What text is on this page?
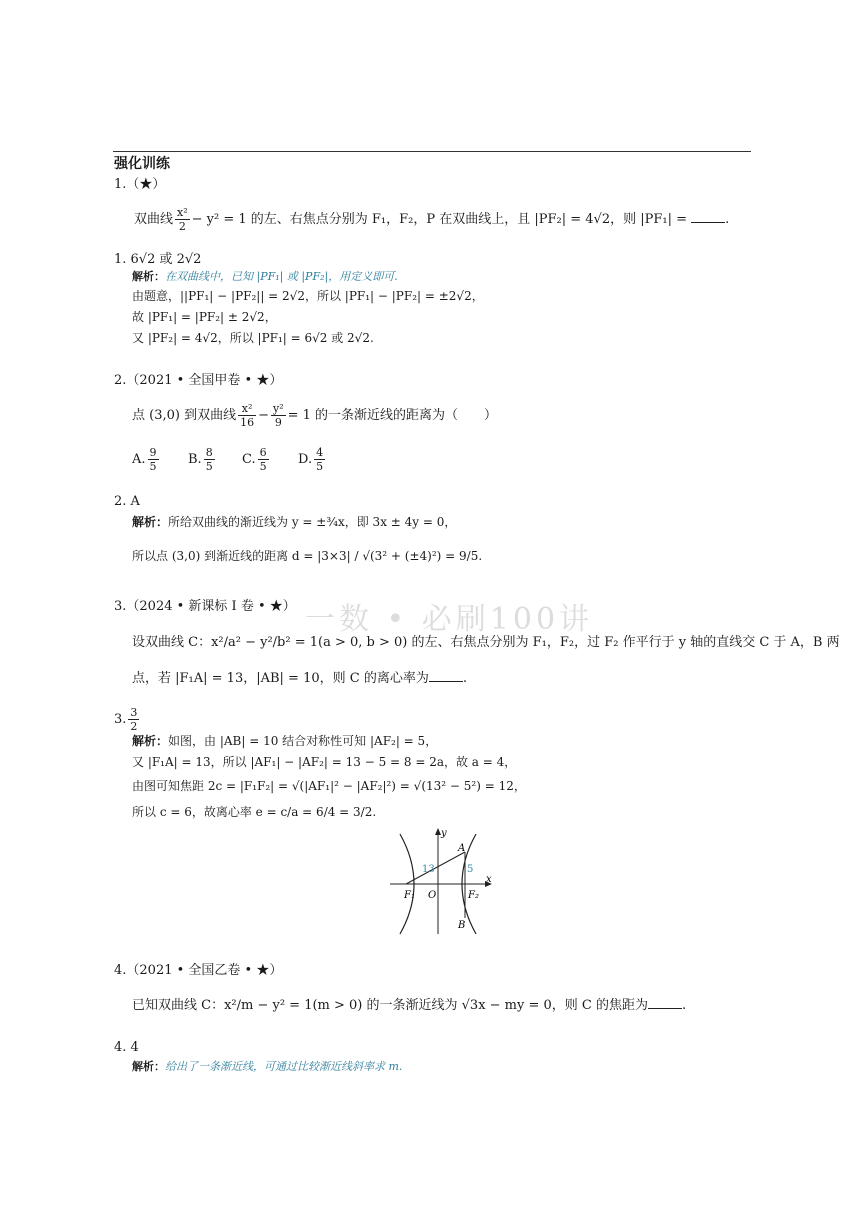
强化训练
1.（★）
双曲线 $\frac{\text{x²}}{2} - y^2 = 1$ 的左、右焦点分别为 F₁，F₂，P 在双曲线上，且 |PF₂| = 4√2，则 |PF₁| =	.
1. 6√2 或 2√2
解析：在双曲线中，已知 |PF₁| 或 |PF₂|，用定义即可.
由题意，||PF₁| − |PF₂|| = 2√2，所以 |PF₁| − |PF₂| = ±2√2，
故 |PF₁| = |PF₂| ± 2√2，
又 |PF₂| = 4√2，所以 |PF₁| = 6√2 或 2√2.
2.（2021 • 全国甲卷 • ★）
点 (3,0) 到双曲线 $\frac{\text{x²}}{16} - \frac{\text{y²}}{9} = 1$ 的一条渐近线的距离为（　　）
A. $\frac{9}{5} B$. $\frac{8}{5} C$. $\frac{6}{5} D$. $\frac{4}{5}$
2. A
解析：所给双曲线的渐近线为 y = ±¾x，即 3x ± 4y = 0，
所以点 (3,0) 到渐近线的距离 d = |3×3| / √(3² + (±4)²) = 9/5.
一数 • 必刷100讲
3.（2024 • 新课标 I 卷 • ★）
设双曲线 C：x²/a² − y²/b² = 1(a > 0, b > 0) 的左、右焦点分别为 F₁，F₂，过 F₂ 作平行于 y 轴的直线交 C 于 A，B 两
点，若 |F₁A| = 13，|AB| = 10，则 C 的离心率为	.
3. $\frac{3}{2}$
解析：如图，由 |AB| = 10 结合对称性可知 |AF₂| = 5，
又 |F₁A| = 13，所以 |AF₁| − |AF₂| = 13 − 5 = 8 = 2a，故 a = 4，
由图可知焦距 2c = |F₁F₂| = √(|AF₁|² − |AF₂|²) = √(13² − 5²) = 12，
所以 c = 6，故离心率 e = c/a = 6/4 = 3/2.
y
x
O
A
B
F₁	F₂
13	5
4.（2021 • 全国乙卷 • ★）
已知双曲线 C：x²/m − y² = 1(m > 0) 的一条渐近线为 √3x − my = 0，则 C 的焦距为	.
4. 4
解析：给出了一条渐近线，可通过比较渐近线斜率求 m.
